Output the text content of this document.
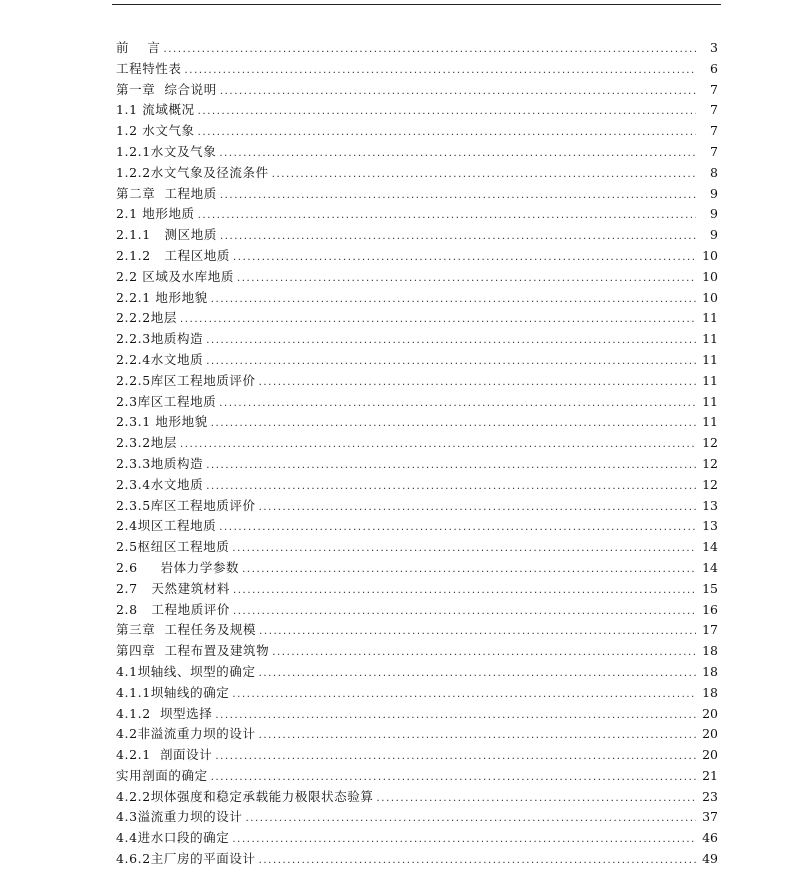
前    言 .....	3
工程特性表 .....	6
第一章  综合说明 .....	7
1.1 流域概况 .....	7
1.2 水文气象 .....	7
1.2.1水文及气象 .....	7
1.2.2水文气象及径流条件 .....	8
第二章  工程地质 .....	9
2.1 地形地质 .....	9
2.1.1   测区地质 .....	9
2.1.2   工程区地质 .....	10
2.2 区域及水库地质 .....	10
2.2.1 地形地貌 .....	10
2.2.2地层 .....	11
2.2.3地质构造 .....	11
2.2.4水文地质 .....	11
2.2.5库区工程地质评价 .....	11
2.3库区工程地质 .....	11
2.3.1 地形地貌 .....	11
2.3.2地层 .....	12
2.3.3地质构造 .....	12
2.3.4水文地质 .....	12
2.3.5库区工程地质评价 .....	13
2.4坝区工程地质 .....	13
2.5枢纽区工程地质 .....	14
2.6     岩体力学参数 .....	14
2.7   天然建筑材料 .....	15
2.8   工程地质评价 .....	16
第三章  工程任务及规模 .....	17
第四章  工程布置及建筑物 .....	18
4.1坝轴线、坝型的确定 .....	18
4.1.1坝轴线的确定 .....	18
4.1.2  坝型选择 .....	20
4.2非溢流重力坝的设计 .....	20
4.2.1  剖面设计 .....	20
实用剖面的确定 .....	21
4.2.2坝体强度和稳定承载能力极限状态验算 .....	23
4.3溢流重力坝的设计 .....	37
4.4进水口段的确定 .....	46
4.6.2主厂房的平面设计 .....	49
